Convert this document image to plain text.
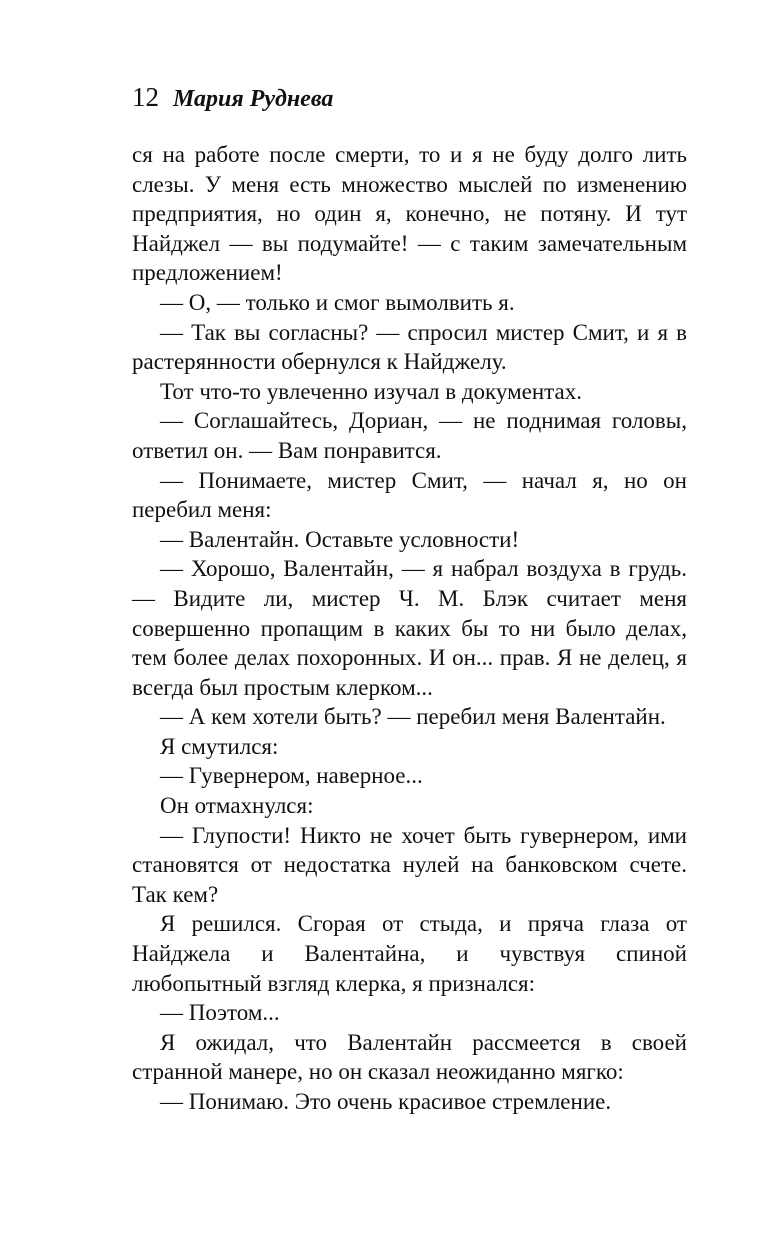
12 Мария Руднева

ся на работе после смерти, то и я не буду долго лить слезы. У меня есть множество мыслей по изменению предприятия, но один я, конечно, не потяну. И тут Найджел — вы подумайте! — с таким замечательным предложением!

— О, — только и смог вымолвить я.

— Так вы согласны? — спросил мистер Смит, и я в растерянности обернулся к Найджелу.

Тот что-то увлеченно изучал в документах.

— Соглашайтесь, Дориан, — не поднимая головы, ответил он. — Вам понравится.

— Понимаете, мистер Смит, — начал я, но он перебил меня:

— Валентайн. Оставьте условности!

— Хорошо, Валентайн, — я набрал воздуха в грудь. — Видите ли, мистер Ч. М. Блэк считает меня совершенно пропащим в каких бы то ни было делах, тем более делах похоронных. И он... прав. Я не делец, я всегда был простым клерком...

— А кем хотели быть? — перебил меня Валентайн.

Я смутился:

— Гувернером, наверное...

Он отмахнулся:

— Глупости! Никто не хочет быть гувернером, ими становятся от недостатка нулей на банковском счете. Так кем?

Я решился. Сгорая от стыда, и пряча глаза от Найджела и Валентайна, и чувствуя спиной любопытный взгляд клерка, я признался:

— Поэтом...

Я ожидал, что Валентайн рассмеется в своей странной манере, но он сказал неожиданно мягко:

— Понимаю. Это очень красивое стремление.
